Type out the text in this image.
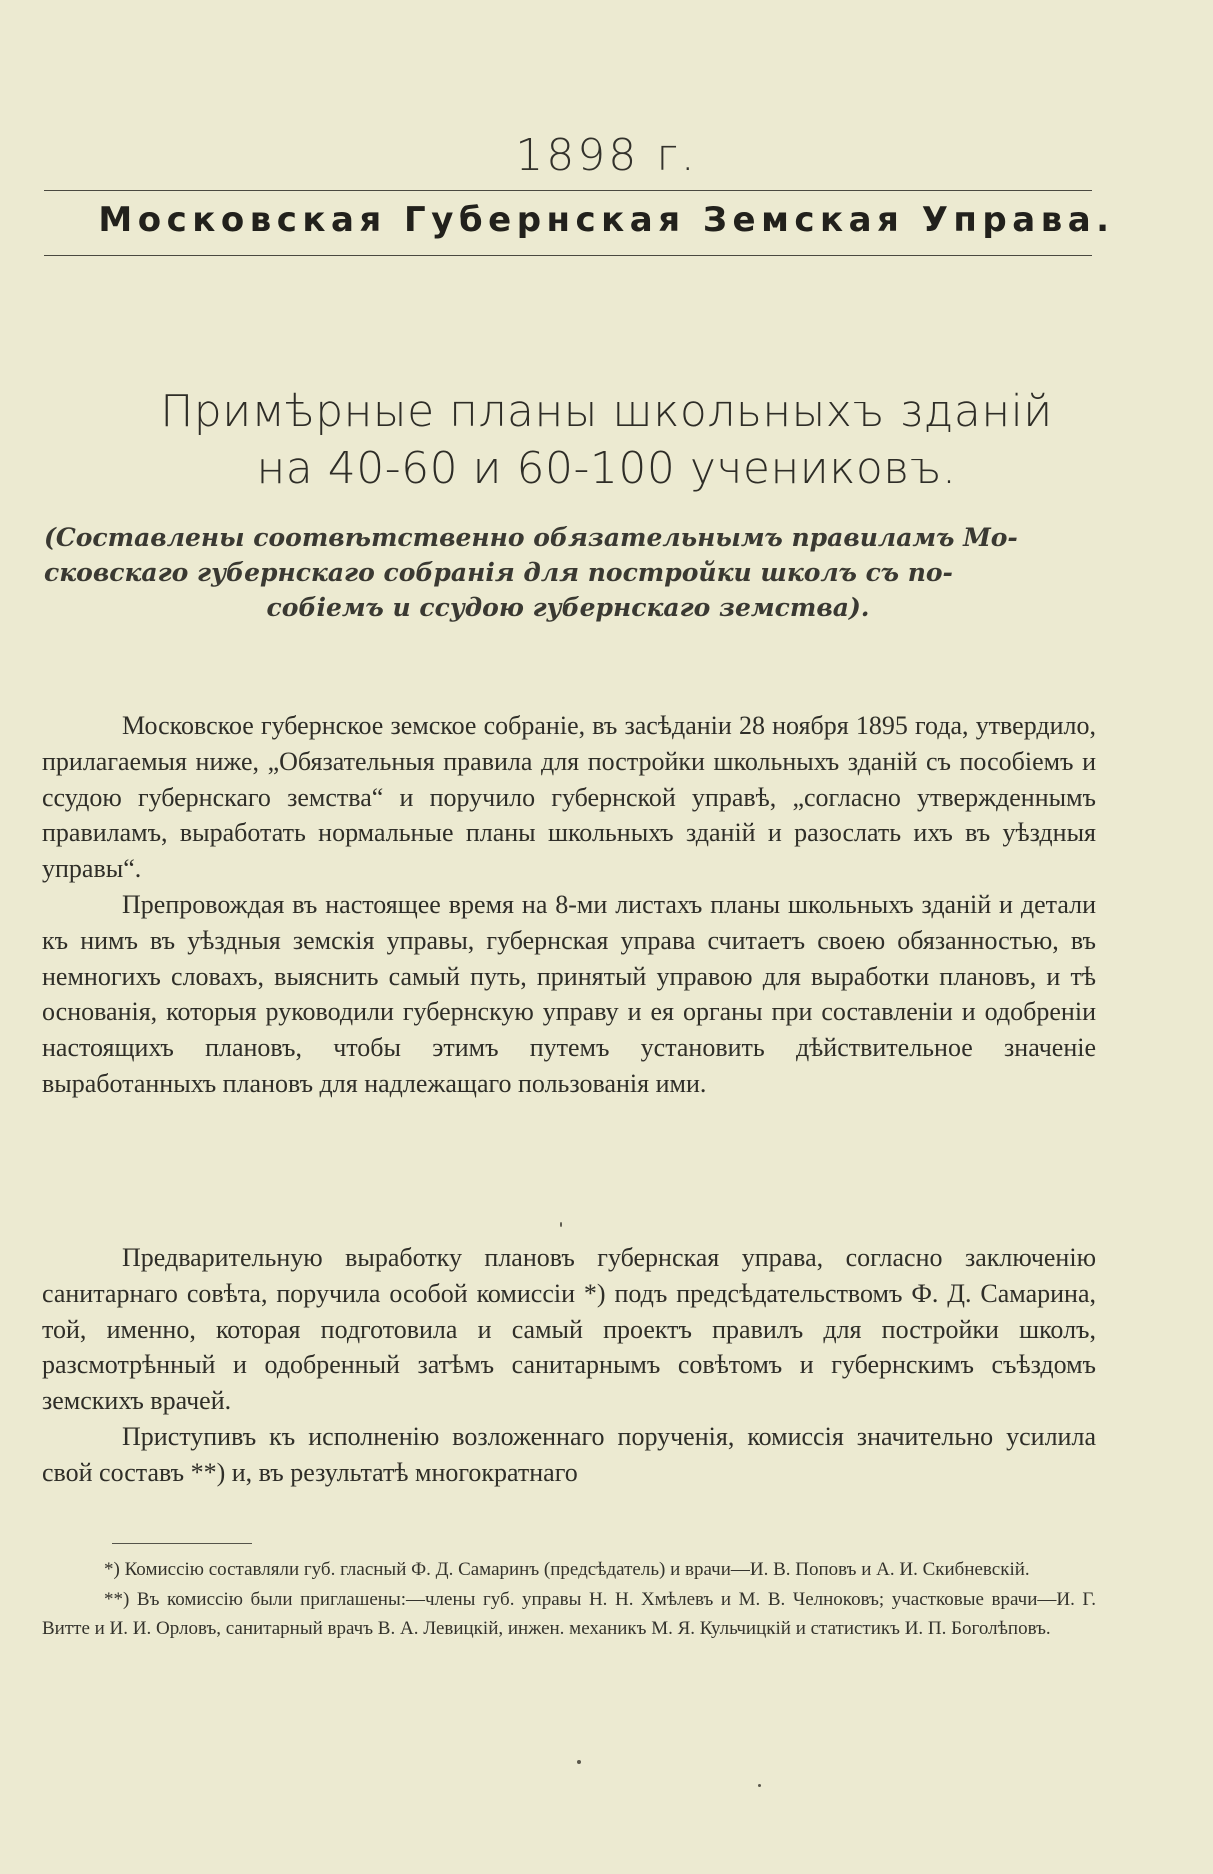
1898 г.
Московская Губернская Земская Управа.
Примѣрные планы школьныхъ зданій
на 40-60 и 60-100 учениковъ.
(Составлены соотвѣтственно обязательнымъ правиламъ Мо-
сковскаго губернскаго собранія для постройки школъ съ по-
собіемъ и ссудою губернскаго земства).

Московское губернское земское собраніе, въ засѣданіи 28 ноября 1895 года, утвердило, прилагаемыя ниже, „Обязательныя правила для постройки школьныхъ зданій съ пособіемъ и ссудою губернскаго земства“ и поручило губернской управѣ, „согласно утвержденнымъ правиламъ, выработать нормальные планы школьныхъ зданій и разослать ихъ въ уѣздныя управы“.

Препровождая въ настоящее время на 8-ми листахъ планы школьныхъ зданій и детали къ нимъ въ уѣздныя земскія управы, губернская управа считаетъ своею обязанностью, въ немногихъ словахъ, выяснить самый путь, принятый управою для выработки плановъ, и тѣ основанія, которыя руководили губернскую управу и ея органы при составленіи и одобреніи настоящихъ плановъ, чтобы этимъ путемъ установить дѣйствительное значеніе выработанныхъ плановъ для надлежащаго пользованія ими.

Предварительную выработку плановъ губернская управа, согласно заключенію санитарнаго совѣта, поручила особой комиссіи *) подъ предсѣдательствомъ Ф. Д. Самарина, той, именно, которая подготовила и самый проектъ правилъ для постройки школъ, разсмотрѣнный и одобренный затѣмъ санитарнымъ совѣтомъ и губернскимъ съѣздомъ земскихъ врачей.

Приступивъ къ исполненію возложеннаго порученія, комиссія значительно усилила свой составъ **) и, въ результатѣ многократнаго

*) Комиссію составляли губ. гласный Ф. Д. Самаринъ (предсѣдатель) и врачи—И. В. Поповъ и А. И. Скибневскій.

**) Въ комиссію были приглашены:—члены губ. управы Н. Н. Хмѣлевъ и М. В. Челноковъ; участковые врачи—И. Г. Витте и И. И. Орловъ, санитарный врачъ В. А. Левицкій, инжен. механикъ М. Я. Кульчицкій и статистикъ И. П. Боголѣповъ.
